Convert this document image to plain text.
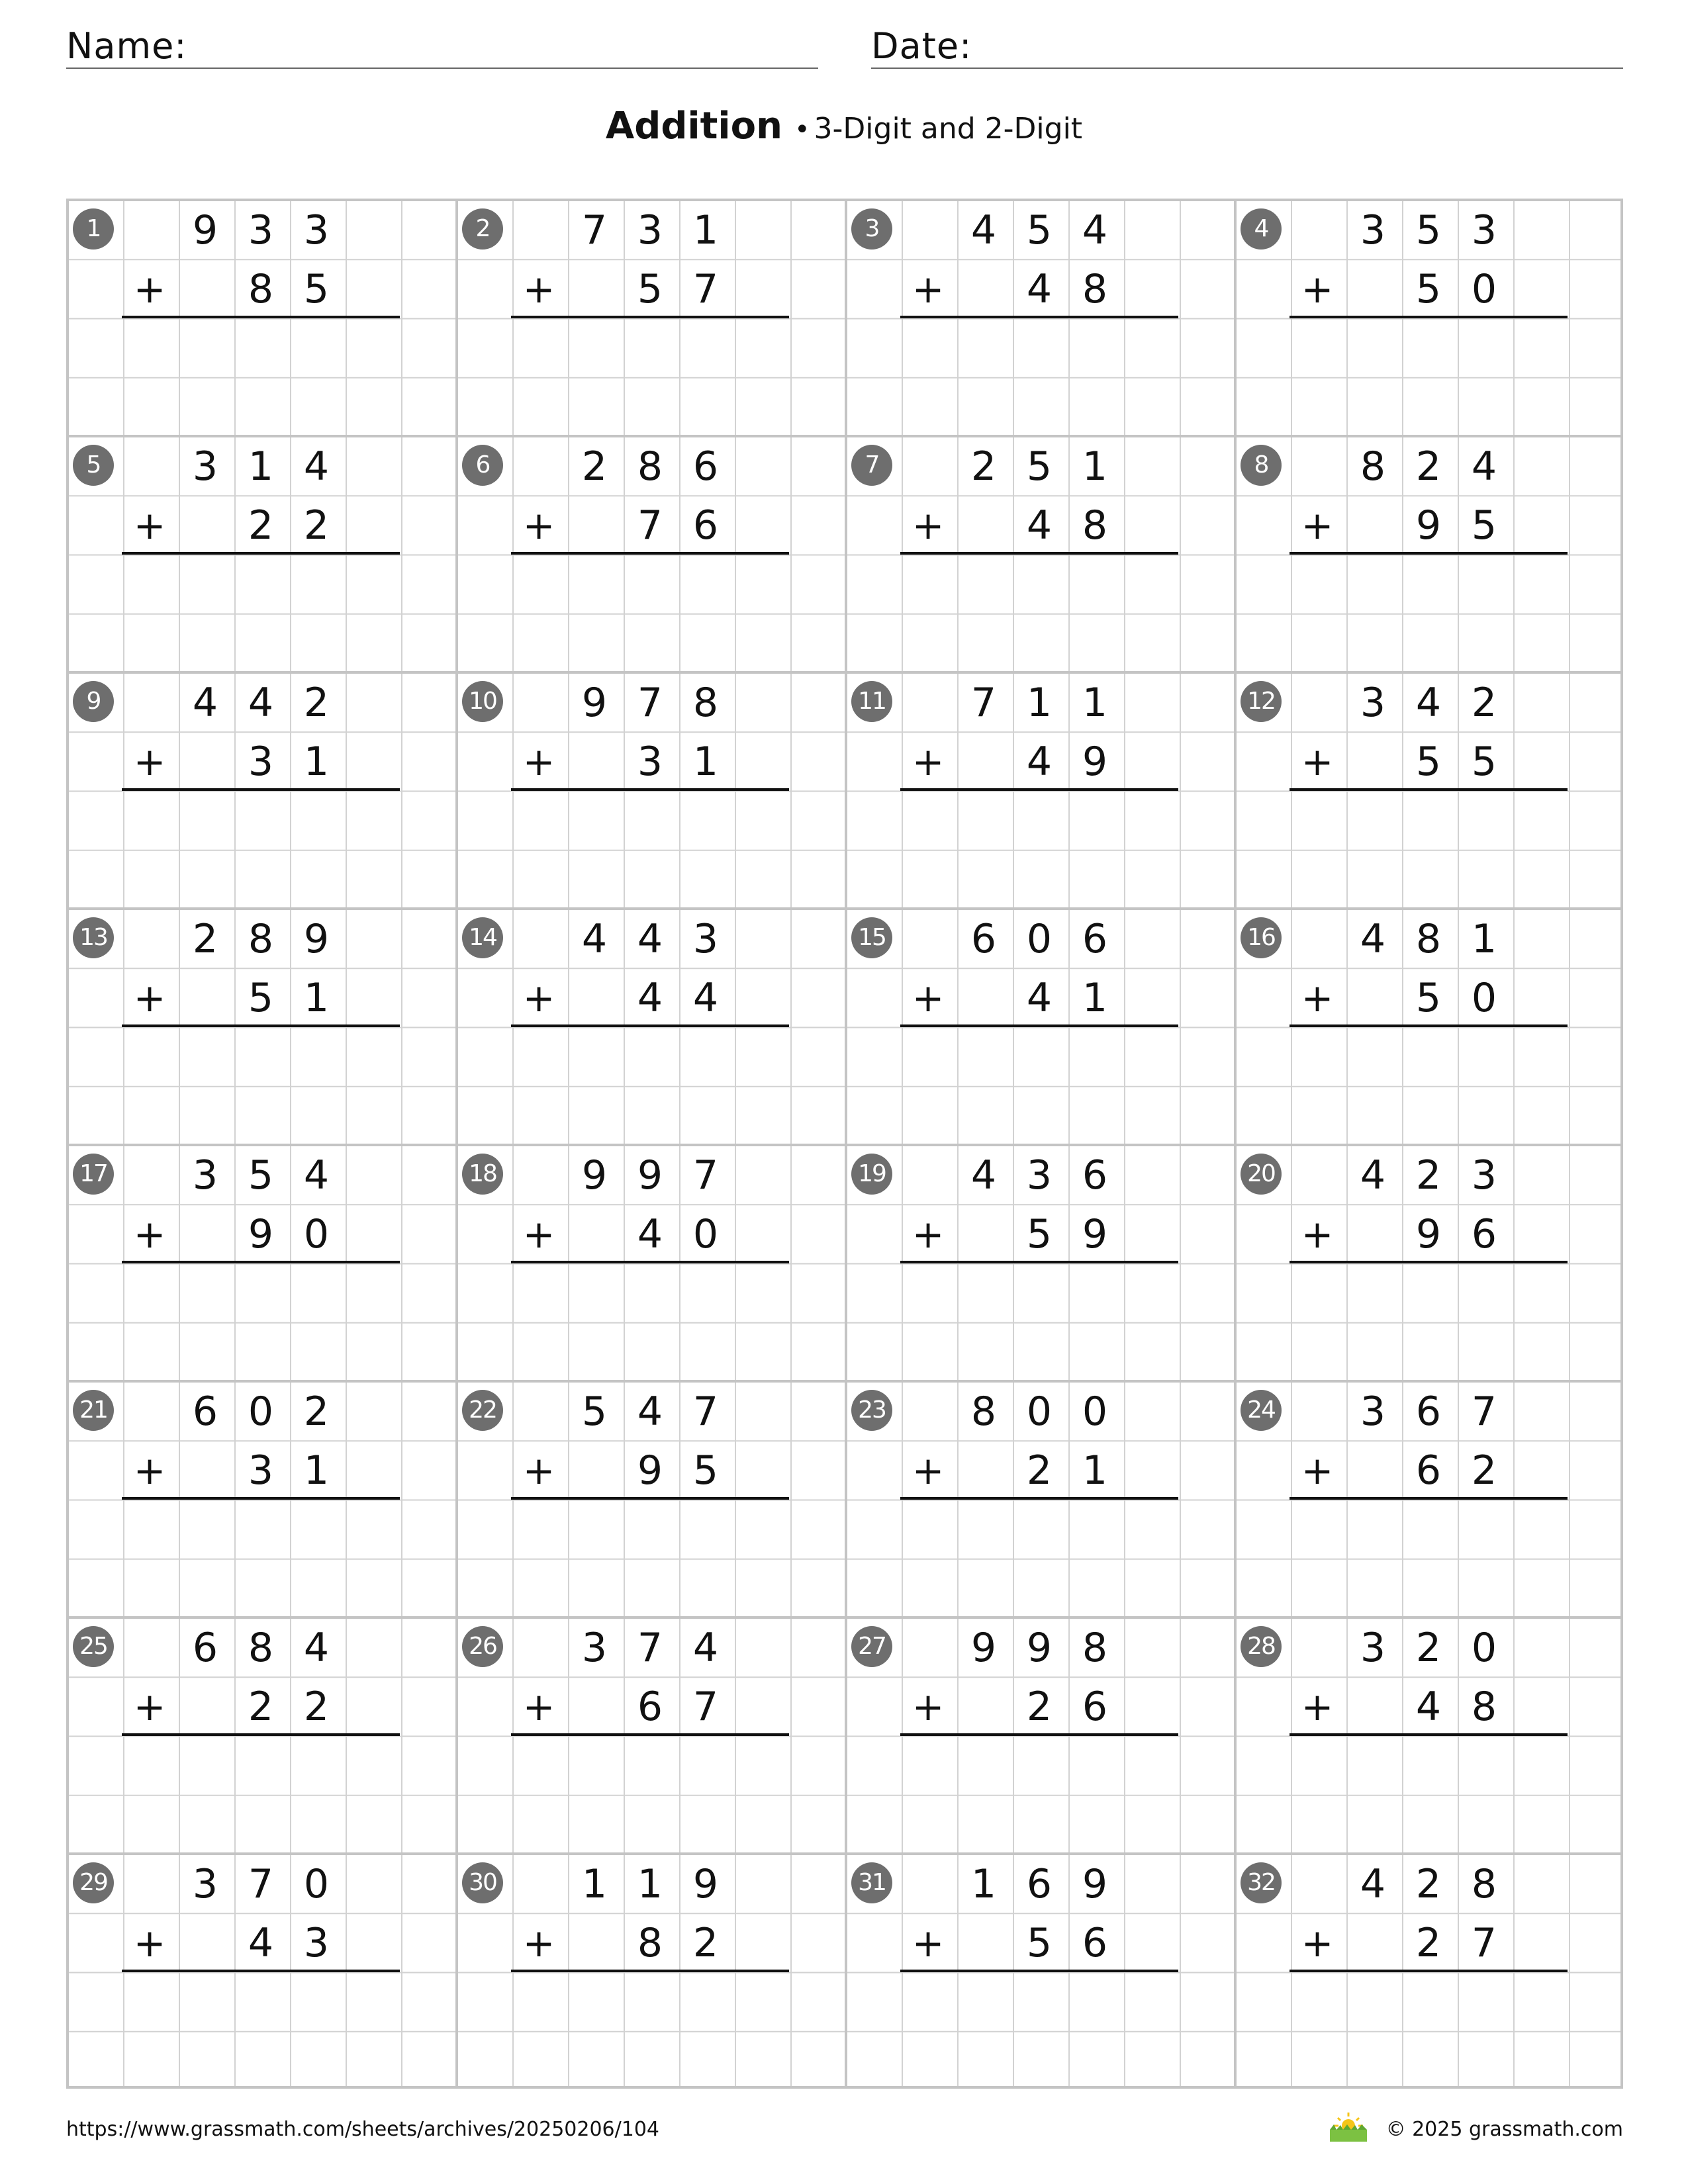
Name:	Date:
Addition • 3-Digit and 2-Digit
1	9 3 3
+	8 5
2	7 3 1
+	5 7
3	4 5 4
+	4 8
4	3 5 3
+	5 0
5	3 1 4
+	2 2
6	2 8 6
+	7 6
7	2 5 1
+	4 8
8	8 2 4
+	9 5
9	4 4 2
+	3 1
10	9 7 8
+	3 1
11	7 1 1
+	4 9
12	3 4 2
+	5 5
13	2 8 9
+	5 1
14	4 4 3
+	4 4
15	6 0 6
+	4 1
16	4 8 1
+	5 0
17	3 5 4
+	9 0
18	9 9 7
+	4 0
19	4 3 6
+	5 9
20	4 2 3
+	9 6
21	6 0 2
+	3 1
22	5 4 7
+	9 5
23	8 0 0
+	2 1
24	3 6 7
+	6 2
25	6 8 4
+	2 2
26	3 7 4
+	6 7
27	9 9 8
+	2 6
28	3 2 0
+	4 8
29	3 7 0
+	4 3
30	1 1 9
+	8 2
31	1 6 9
+	5 6
32	4 2 8
+	2 7
https://www.grassmath.com/sheets/archives/20250206/104	© 2025 grassmath.com
